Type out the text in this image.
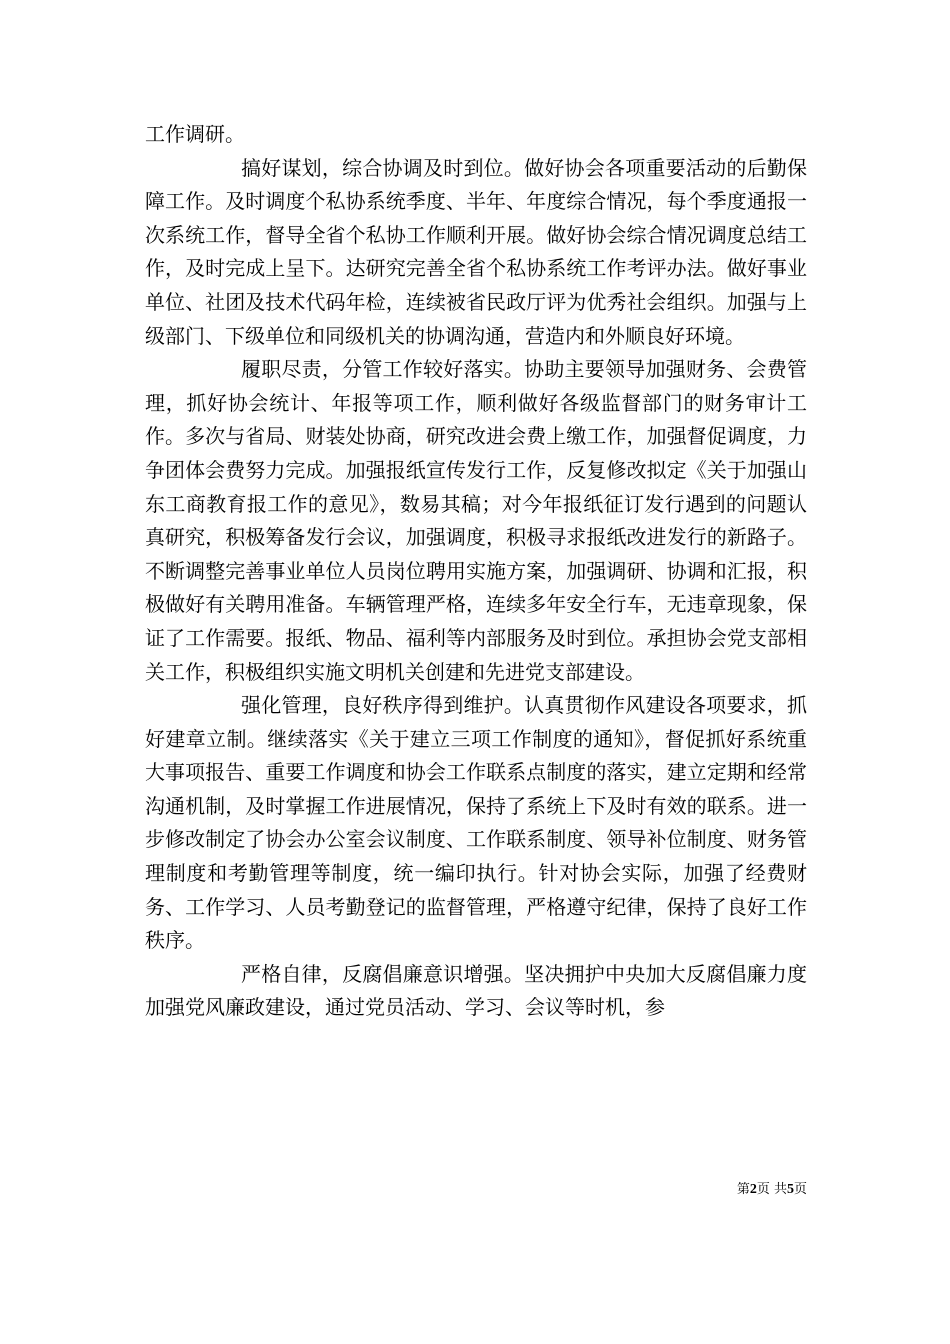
工作调研。

搞好谋划，综合协调及时到位。做好协会各项重要活动的后勤保障工作。及时调度个私协系统季度、半年、年度综合情况，每个季度通报一次系统工作，督导全省个私协工作顺利开展。做好协会综合情况调度总结工作，及时完成上呈下。达研究完善全省个私协系统工作考评办法。做好事业单位、社团及技术代码年检，连续被省民政厅评为优秀社会组织。加强与上级部门、下级单位和同级机关的协调沟通，营造内和外顺良好环境。

履职尽责，分管工作较好落实。协助主要领导加强财务、会费管理，抓好协会统计、年报等项工作，顺利做好各级监督部门的财务审计工作。多次与省局、财装处协商，研究改进会费上缴工作，加强督促调度，力争团体会费努力完成。加强报纸宣传发行工作，反复修改拟定《关于加强山东工商教育报工作的意见》，数易其稿；对今年报纸征订发行遇到的问题认真研究，积极筹备发行会议，加强调度，积极寻求报纸改进发行的新路子。不断调整完善事业单位人员岗位聘用实施方案，加强调研、协调和汇报，积极做好有关聘用准备。车辆管理严格，连续多年安全行车，无违章现象，保证了工作需要。报纸、物品、福利等内部服务及时到位。承担协会党支部相关工作，积极组织实施文明机关创建和先进党支部建设。

强化管理，良好秩序得到维护。认真贯彻作风建设各项要求，抓好建章立制。继续落实《关于建立三项工作制度的通知》，督促抓好系统重大事项报告、重要工作调度和协会工作联系点制度的落实，建立定期和经常沟通机制，及时掌握工作进展情况，保持了系统上下及时有效的联系。进一步修改制定了协会办公室会议制度、工作联系制度、领导补位制度、财务管理制度和考勤管理等制度，统一编印执行。针对协会实际，加强了经费财务、工作学习、人员考勤登记的监督管理，严格遵守纪律，保持了良好工作秩序。

严格自律，反腐倡廉意识增强。坚决拥护中央加大反腐倡廉力度加强党风廉政建设，通过党员活动、学习、会议等时机，参

第2页 共5页
